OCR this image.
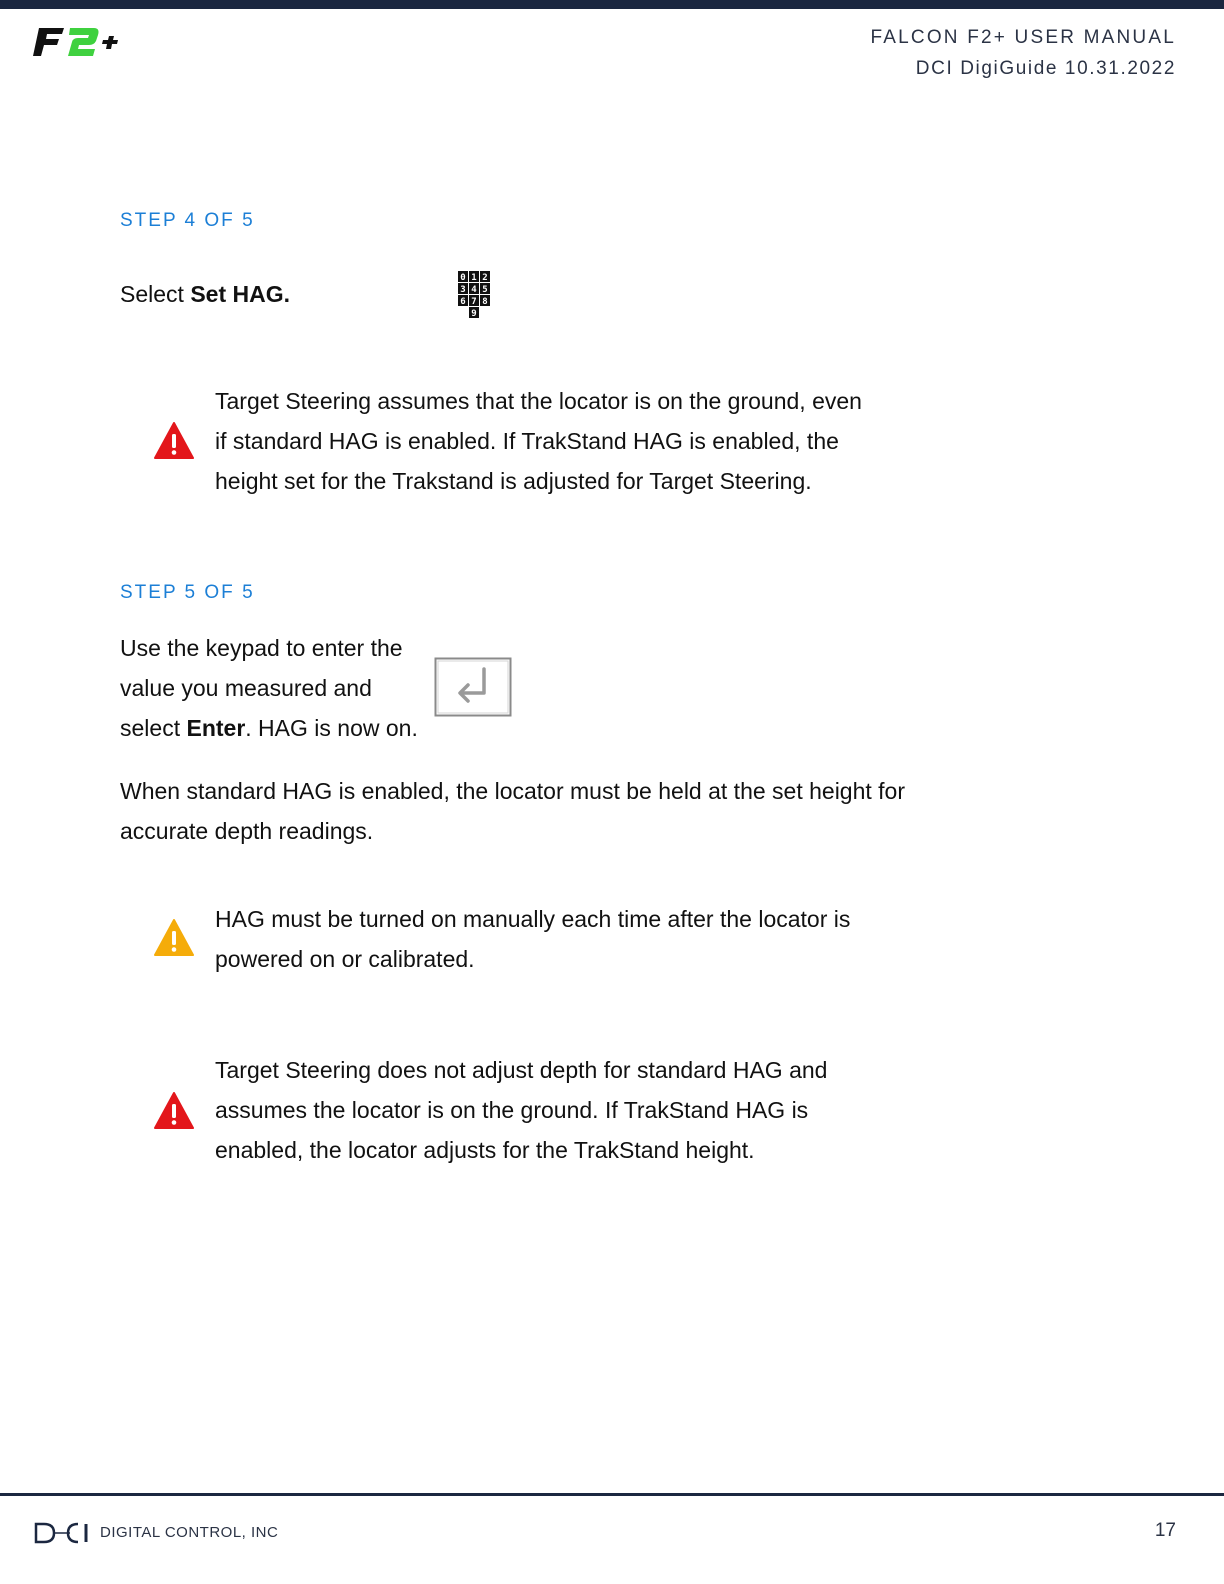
FALCON F2+ USER MANUAL
DCI DigiGuide 10.31.2022
STEP 4 OF 5
Select Set HAG.
0 1 2
3 4 5
6 7 8
9
Target Steering assumes that the locator is on the ground, even
if standard HAG is enabled. If TrakStand HAG is enabled, the
height set for the Trakstand is adjusted for Target Steering.
STEP 5 OF 5
Use the keypad to enter the
value you measured and
select Enter. HAG is now on.
When standard HAG is enabled, the locator must be held at the set height for
accurate depth readings.
HAG must be turned on manually each time after the locator is
powered on or calibrated.
Target Steering does not adjust depth for standard HAG and
assumes the locator is on the ground. If TrakStand HAG is
enabled, the locator adjusts for the TrakStand height.
DIGITAL CONTROL, INC	17
